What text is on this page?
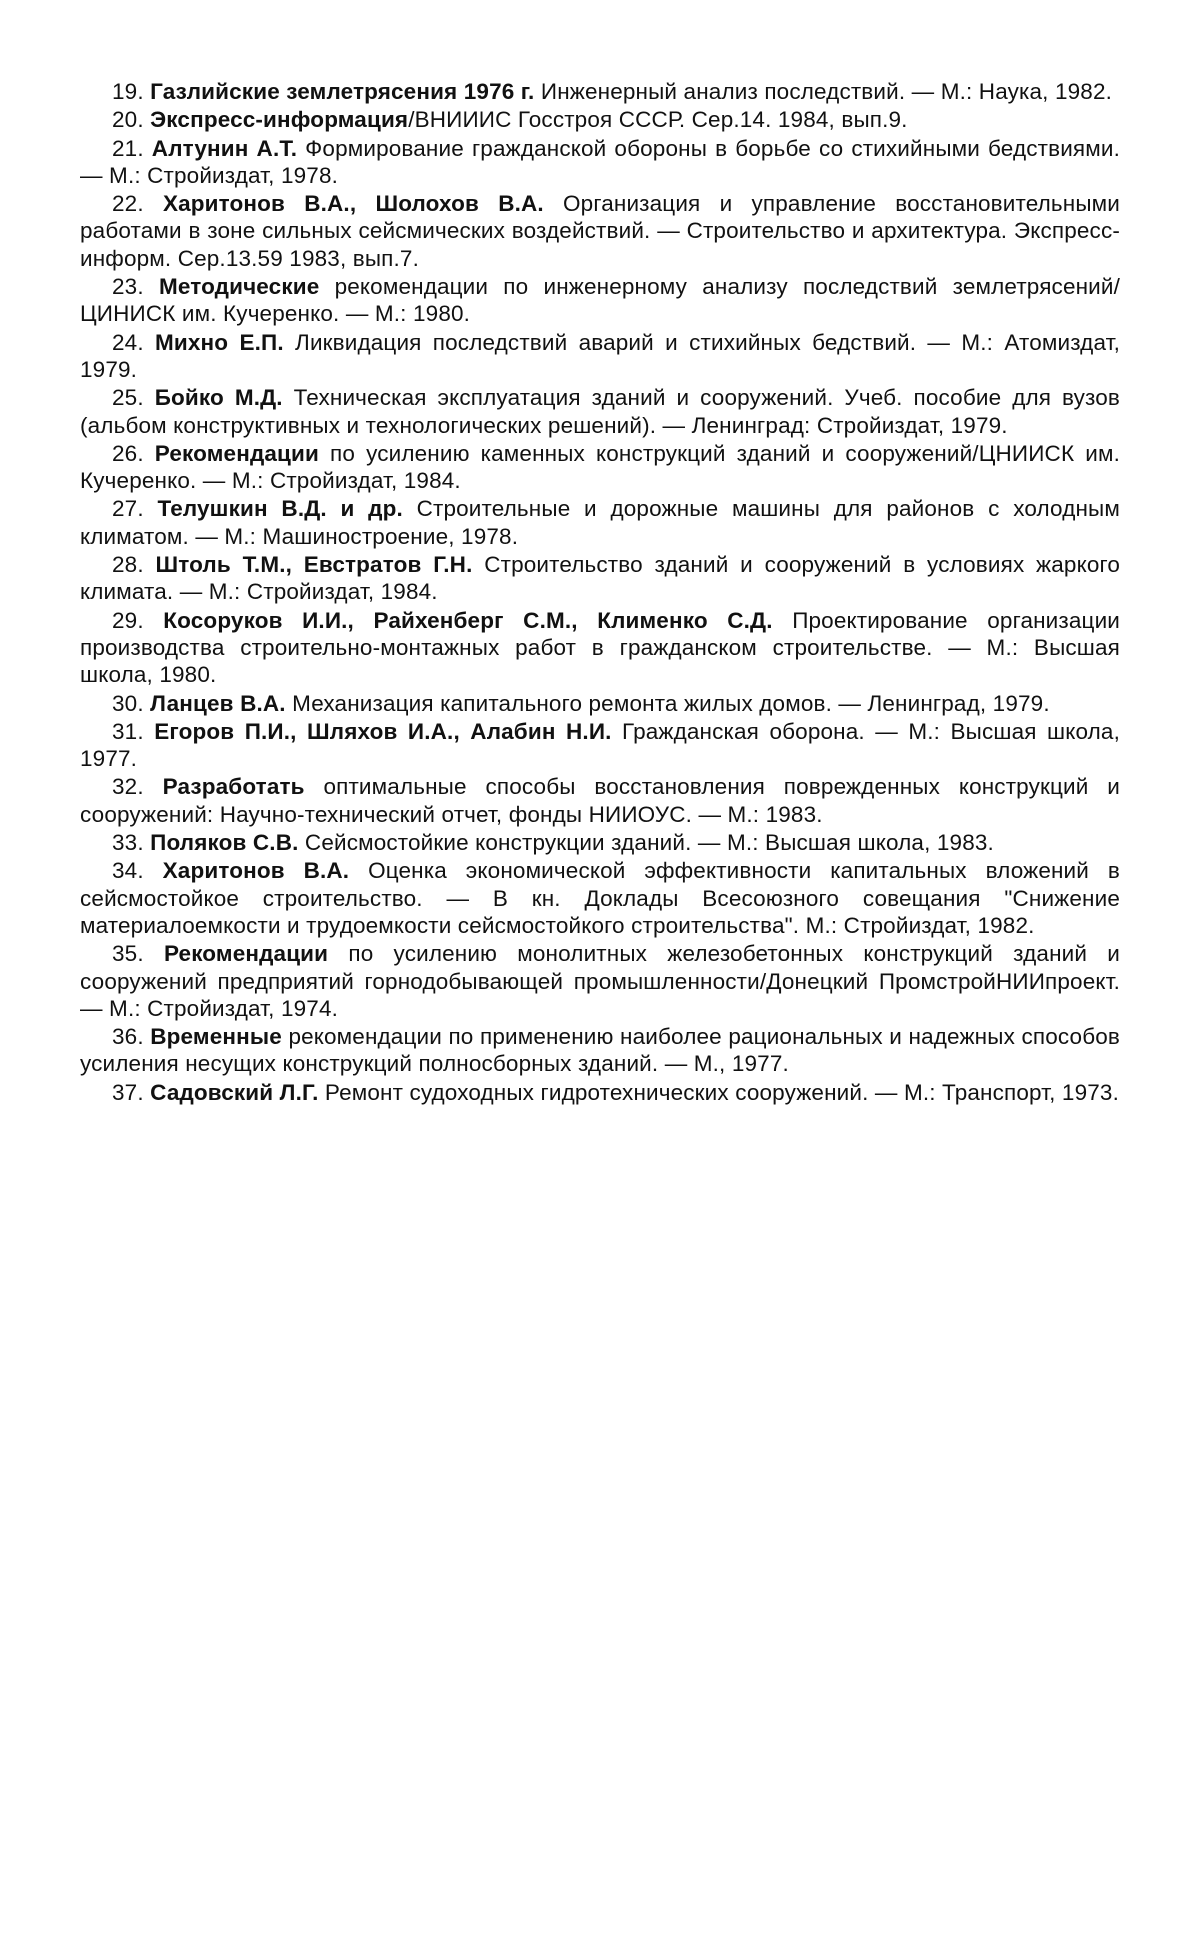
19. Газлийские землетрясения 1976 г. Инженерный анализ последствий. — М.: Наука, 1982.
20. Экспресс-информация/ВНИИИС Госстроя СССР. Сер.14. 1984, вып.9.
21. Алтунин А.Т. Формирование гражданской обороны в борьбе со стихийными бедствиями. — М.: Стройиздат, 1978.
22. Харитонов В.А., Шолохов В.А. Организация и управление восстановительными работами в зоне сильных сейсмических воздействий. — Строительство и архитектура. Экспресс-информ. Сер.13.59 1983, вып.7.
23. Методические рекомендации по инженерному анализу последствий землетрясений/ ЦИНИСК им. Кучеренко. — М.: 1980.
24. Михно Е.П. Ликвидация последствий аварий и стихийных бедствий. — М.: Атомиздат, 1979.
25. Бойко М.Д. Техническая эксплуатация зданий и сооружений. Учеб. пособие для вузов (альбом конструктивных и технологических решений). — Ленинград: Стройиздат, 1979.
26. Рекомендации по усилению каменных конструкций зданий и сооружений/ЦНИИСК им. Кучеренко. — М.: Стройиздат, 1984.
27. Телушкин В.Д. и др. Строительные и дорожные машины для районов с холодным климатом. — М.: Машиностроение, 1978.
28. Штоль Т.М., Евстратов Г.Н. Строительство зданий и сооружений в условиях жаркого климата. — М.: Стройиздат, 1984.
29. Косоруков И.И., Райхенберг С.М., Клименко С.Д. Проектирование организации производства строительно-монтажных работ в гражданском строительстве. — М.: Высшая школа, 1980.
30. Ланцев В.А. Механизация капитального ремонта жилых домов. — Ленинград, 1979.
31. Егоров П.И., Шляхов И.А., Алабин Н.И. Гражданская оборона. — М.: Высшая школа, 1977.
32. Разработать оптимальные способы восстановления поврежденных конструкций и сооружений: Научно-технический отчет, фонды НИИОУС. — М.: 1983.
33. Поляков С.В. Сейсмостойкие конструкции зданий. — М.: Высшая школа, 1983.
34. Харитонов В.А. Оценка экономической эффективности капитальных вложений в сейсмостойкое строительство. — В кн. Доклады Всесоюзного совещания "Снижение материалоемкости и трудоемкости сейсмостойкого строительства". М.: Стройиздат, 1982.
35. Рекомендации по усилению монолитных железобетонных конструкций зданий и сооружений предприятий горнодобывающей промышленности/Донецкий ПромстройНИИпроект. — М.: Стройиздат, 1974.
36. Временные рекомендации по применению наиболее рациональных и надежных способов усиления несущих конструкций полносборных зданий. — М., 1977.
37. Садовский Л.Г. Ремонт судоходных гидротехнических сооружений. — М.: Транспорт, 1973.
